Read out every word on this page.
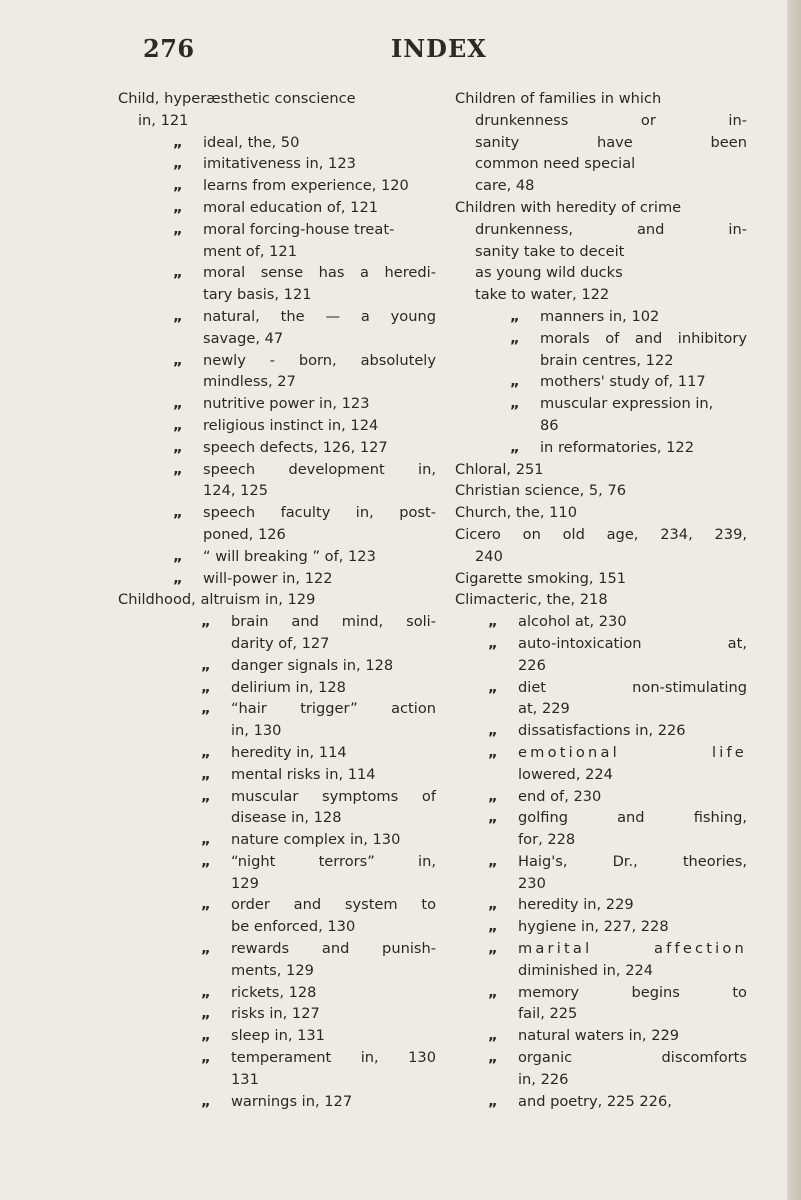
276	INDEX
Child, hyperæsthetic conscience
in, 121
„ ideal, the, 50
„ imitativeness in, 123
„ learns from experience, 120
„ moral education of, 121
„ moral forcing-house treat-
ment of, 121
„ moral sense has a heredi-
tary basis, 121
„ natural, the — a young
savage, 47
„ newly - born, absolutely
mindless, 27
„ nutritive power in, 123
„ religious instinct in, 124
„ speech defects, 126, 127
„ speech development in,
124, 125
„ speech faculty in, post-
poned, 126
„ “ will breaking ” of, 123
„ will-power in, 122
Childhood, altruism in, 129
„ brain and mind, soli-
darity of, 127
„ danger signals in, 128
„ delirium in, 128
„ “hair trigger” action
in, 130
„ heredity in, 114
„ mental risks in, 114
„ muscular symptoms of
disease in, 128
„ nature complex in, 130
„ “night terrors” in,
129
„ order and system to
be enforced, 130
„ rewards and punish-
ments, 129
„ rickets, 128
„ risks in, 127
„ sleep in, 131
„ temperament in, 130
131
„ warnings in, 127
Children of families in which
drunkenness or in-
sanity have been
common need special
care, 48
Children with heredity of crime
drunkenness, and in-
sanity take to deceit
as young wild ducks
take to water, 122
„ manners in, 102
„ morals of and inhibitory
brain centres, 122
„ mothers' study of, 117
„ muscular expression in,
86
„ in reformatories, 122
Chloral, 251
Christian science, 5, 76
Church, the, 110
Cicero on old age, 234, 239,
240
Cigarette smoking, 151
Climacteric, the, 218
„ alcohol at, 230
„ auto-intoxication at,
226
„ diet non-stimulating
at, 229
„ dissatisfactions in, 226
„ emotional life
lowered, 224
„ end of, 230
„ golfing and fishing,
for, 228
„ Haig's, Dr., theories,
230
„ heredity in, 229
„ hygiene in, 227, 228
„ marital affection
diminished in, 224
„ memory begins to
fail, 225
„ natural waters in, 229
„ organic discomforts
in, 226
„ and poetry, 225 226,
